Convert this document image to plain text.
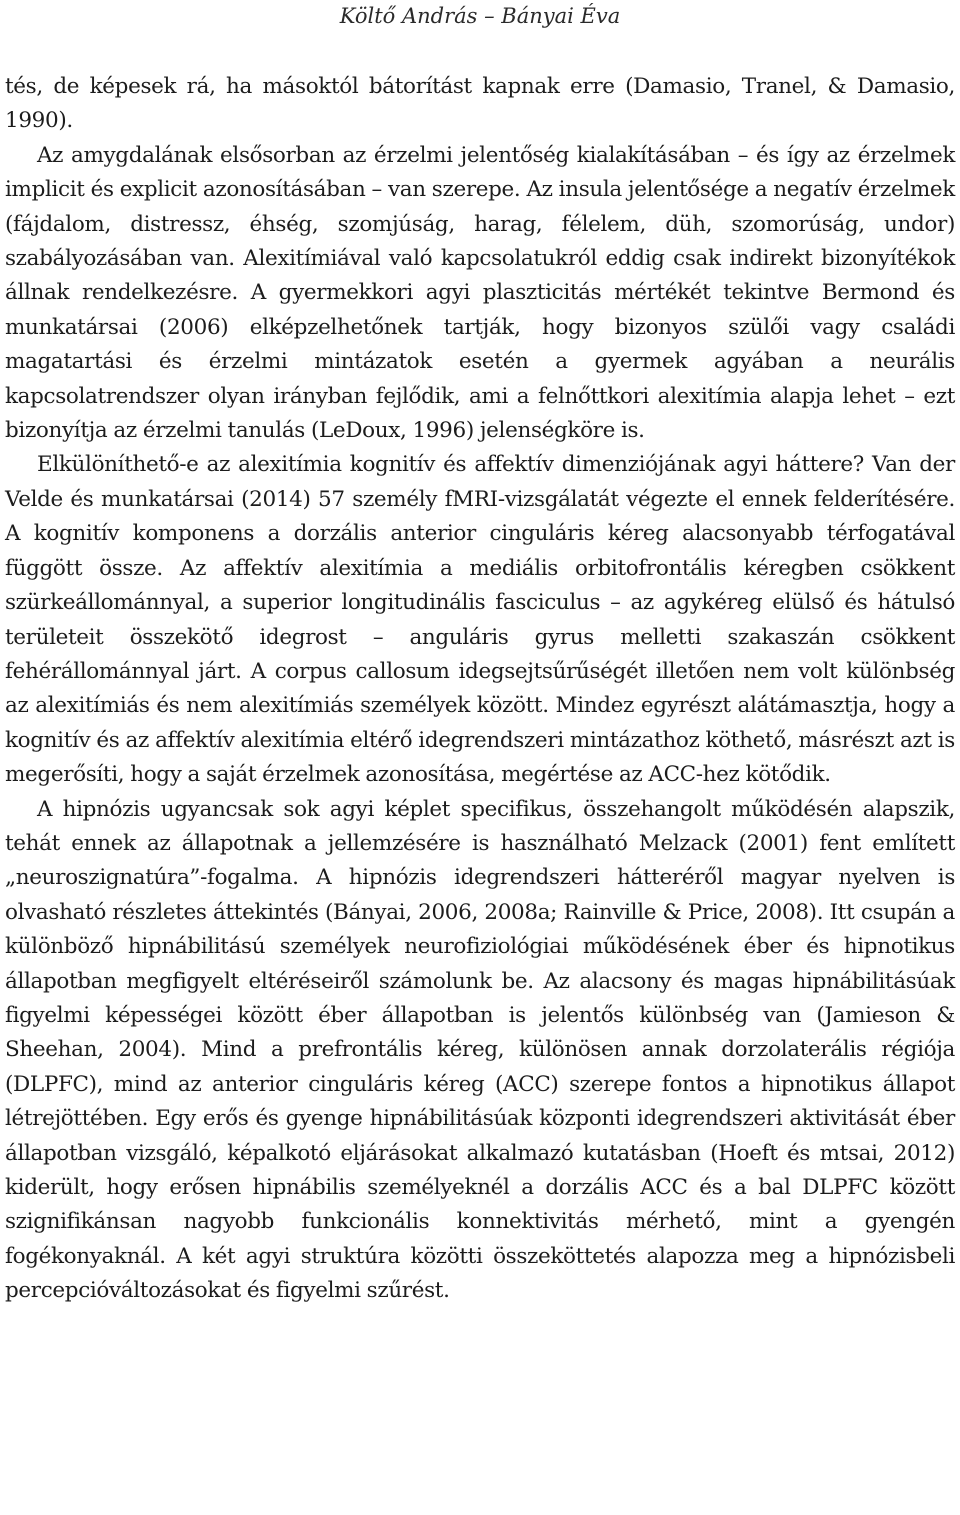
Költő András – Bányai Éva

tés, de képesek rá, ha másoktól bátorítást kapnak erre (Damasio, Tranel, & Damasio, 1990).

Az amygdalának elsősorban az érzelmi jelentőség kialakításában – és így az érzelmek implicit és explicit azonosításában – van szerepe. Az insula jelentősége a negatív érzelmek (fájdalom, distressz, éhség, szomjúság, harag, félelem, düh, szomorúság, undor) szabályozásában van. Alexitímiával való kapcsolatukról eddig csak indirekt bizonyítékok állnak rendelkezésre. A gyermekkori agyi plaszticitás mértékét tekintve Bermond és munkatársai (2006) elképzelhetőnek tartják, hogy bizonyos szülői vagy családi magatartási és érzelmi mintázatok esetén a gyermek agyában a neurális kapcsolatrendszer olyan irányban fejlődik, ami a felnőttkori alexitímia alapja lehet – ezt bizonyítja az érzelmi tanulás (LeDoux, 1996) jelenségköre is.

Elkülöníthető-e az alexitímia kognitív és affektív dimenziójának agyi háttere? Van der Velde és munkatársai (2014) 57 személy fMRI-vizsgálatát végezte el ennek felderítésére. A kognitív komponens a dorzális anterior cinguláris kéreg alacsonyabb térfogatával függött össze. Az affektív alexitímia a mediális orbitofrontális kéregben csökkent szürkeállománnyal, a superior longitudinális fasciculus – az agykéreg elülső és hátulsó területeit összekötő idegrost – anguláris gyrus melletti szakaszán csökkent fehérállománnyal járt. A corpus callosum idegsejtsűrűségét illetően nem volt különbség az alexitímiás és nem alexitímiás személyek között. Mindez egyrészt alátámasztja, hogy a kognitív és az affektív alexitímia eltérő idegrendszeri mintázathoz köthető, másrészt azt is megerősíti, hogy a saját érzelmek azonosítása, megértése az ACC-hez kötődik.

A hipnózis ugyancsak sok agyi képlet specifikus, összehangolt működésén alapszik, tehát ennek az állapotnak a jellemzésére is használható Melzack (2001) fent említett „neuroszignatúra”-fogalma. A hipnózis idegrendszeri hátteréről magyar nyelven is olvasható részletes áttekintés (Bányai, 2006, 2008a; Rainville & Price, 2008). Itt csupán a különböző hipnábilitású személyek neurofiziológiai működésének éber és hipnotikus állapotban megfigyelt eltéréseiről számolunk be. Az alacsony és magas hipnábilitásúak figyelmi képességei között éber állapotban is jelentős különbség van (Jamieson & Sheehan, 2004). Mind a prefrontális kéreg, különösen annak dorzolaterális régiója (DLPFC), mind az anterior cinguláris kéreg (ACC) szerepe fontos a hipnotikus állapot létrejöttében. Egy erős és gyenge hipnábilitásúak központi idegrendszeri aktivitását éber állapotban vizsgáló, képalkotó eljárásokat alkalmazó kutatásban (Hoeft és mtsai, 2012) kiderült, hogy erősen hipnábilis személyeknél a dorzális ACC és a bal DLPFC között szignifikánsan nagyobb funkcionális konnektivitás mérhető, mint a gyengén fogékonyaknál. A két agyi struktúra közötti összeköttetés alapozza meg a hipnózisbeli percepcióváltozásokat és figyelmi szűrést.
